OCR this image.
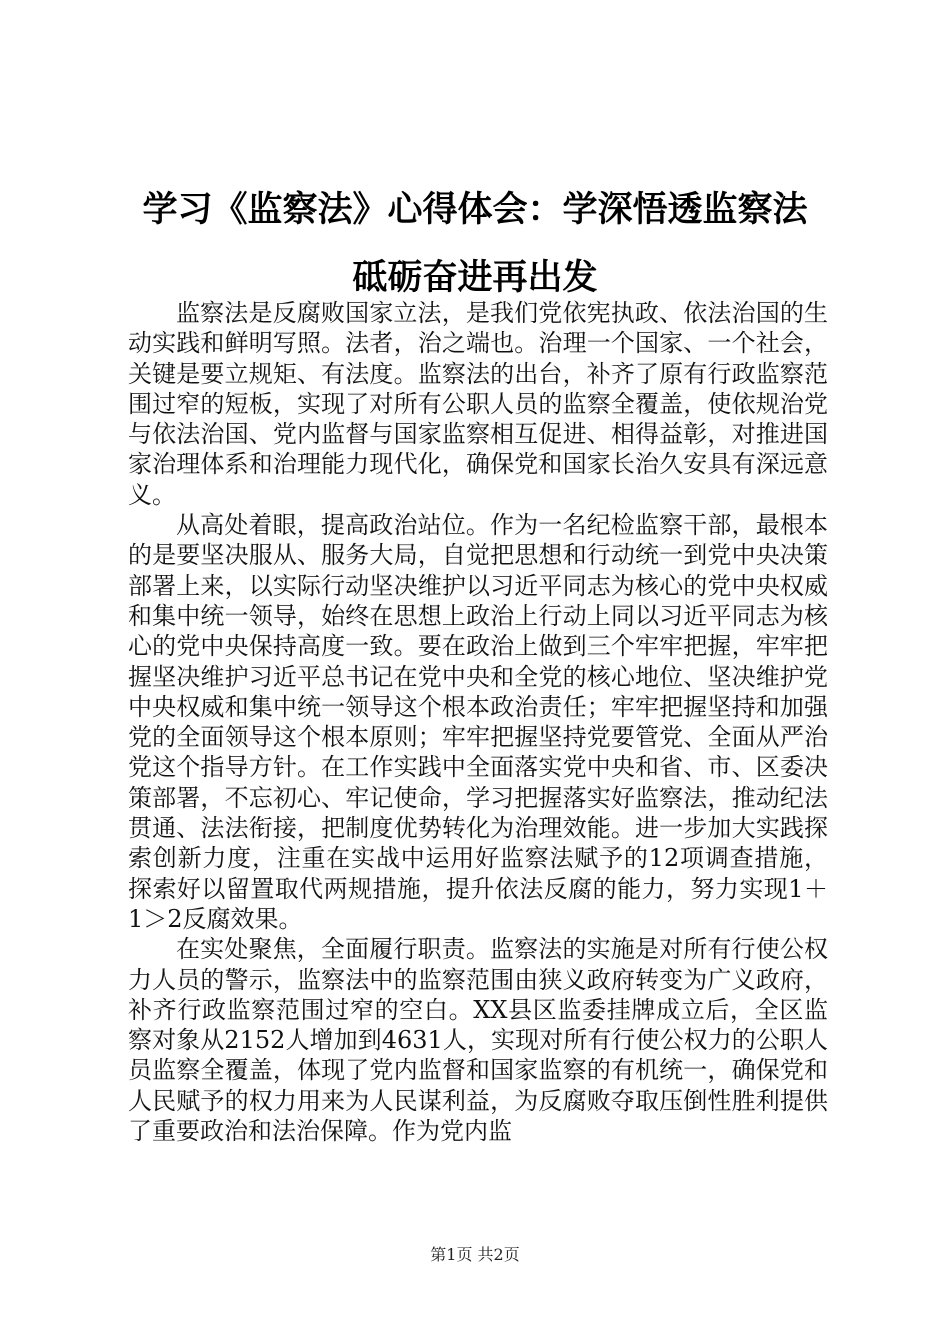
学习《监察法》心得体会：学深悟透监察法
砥砺奋进再出发

监察法是反腐败国家立法，是我们党依宪执政、依法治国的生动实践和鲜明写照。法者，治之端也。治理一个国家、一个社会，关键是要立规矩、有法度。监察法的出台，补齐了原有行政监察范围过窄的短板，实现了对所有公职人员的监察全覆盖，使依规治党与依法治国、党内监督与国家监察相互促进、相得益彰，对推进国家治理体系和治理能力现代化，确保党和国家长治久安具有深远意义。

从高处着眼，提高政治站位。作为一名纪检监察干部，最根本的是要坚决服从、服务大局，自觉把思想和行动统一到党中央决策部署上来，以实际行动坚决维护以习近平同志为核心的党中央权威和集中统一领导，始终在思想上政治上行动上同以习近平同志为核心的党中央保持高度一致。要在政治上做到三个牢牢把握，牢牢把握坚决维护习近平总书记在党中央和全党的核心地位、坚决维护党中央权威和集中统一领导这个根本政治责任；牢牢把握坚持和加强党的全面领导这个根本原则；牢牢把握坚持党要管党、全面从严治党这个指导方针。在工作实践中全面落实党中央和省、市、区委决策部署，不忘初心、牢记使命，学习把握落实好监察法，推动纪法贯通、法法衔接，把制度优势转化为治理效能。进一步加大实践探索创新力度，注重在实战中运用好监察法赋予的12项调查措施，探索好以留置取代两规措施，提升依法反腐的能力，努力实现1＋1＞2反腐效果。

在实处聚焦，全面履行职责。监察法的实施是对所有行使公权力人员的警示，监察法中的监察范围由狭义政府转变为广义政府，补齐行政监察范围过窄的空白。XX县区监委挂牌成立后，全区监察对象从2152人增加到4631人，实现对所有行使公权力的公职人员监察全覆盖，体现了党内监督和国家监察的有机统一，确保党和人民赋予的权力用来为人民谋利益，为反腐败夺取压倒性胜利提供了重要政治和法治保障。作为党内监

第1页 共2页
